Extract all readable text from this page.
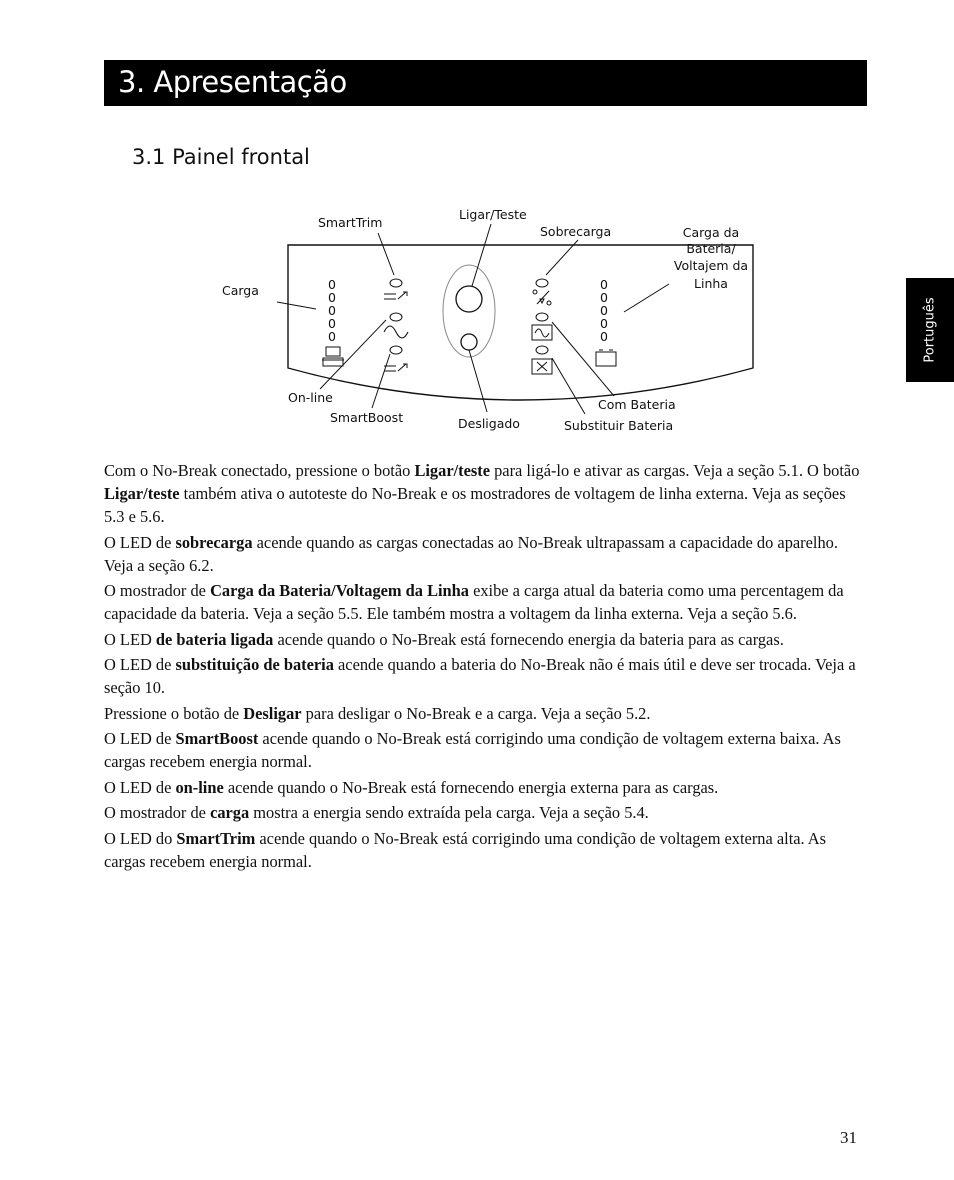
3. Apresentação
3.1 Painel frontal
Português
0
0
0
0
0
0
0
0
0
0
SmartTrim
Ligar/Teste
Sobrecarga	Carga da
Bateria/
Voltajem da
Linha
Carga
On-line
SmartBoost	Desligado
Com Bateria
Substituir Bateria

Com o No-Break conectado, pressione o botão Ligar/teste para ligá-lo e ativar as cargas. Veja a seção 5.1. O botão Ligar/teste também ativa o autoteste do No-Break e os mostradores de voltagem de linha externa. Veja as seções 5.3 e 5.6.

O LED de sobrecarga acende quando as cargas conectadas ao No-Break ultrapassam a capacidade do aparelho. Veja a seção 6.2.

O mostrador de Carga da Bateria/Voltagem da Linha exibe a carga atual da bateria como uma percentagem da capacidade da bateria. Veja a seção 5.5. Ele também mostra a voltagem da linha externa. Veja a seção 5.6.

O LED de bateria ligada acende quando o No-Break está fornecendo energia da bateria para as cargas.

O LED de substituição de bateria acende quando a bateria do No-Break não é mais útil e deve ser trocada. Veja a seção 10.

Pressione o botão de Desligar para desligar o No-Break e a carga. Veja a seção 5.2.

O LED de SmartBoost acende quando o No-Break está corrigindo uma condição de voltagem externa baixa. As cargas recebem energia normal.

O LED de on-line acende quando o No-Break está fornecendo energia externa para as cargas.

O mostrador de carga mostra a energia sendo extraída pela carga. Veja a seção 5.4.

O LED do SmartTrim acende quando o No-Break está corrigindo uma condição de voltagem externa alta. As cargas recebem energia normal.

31
